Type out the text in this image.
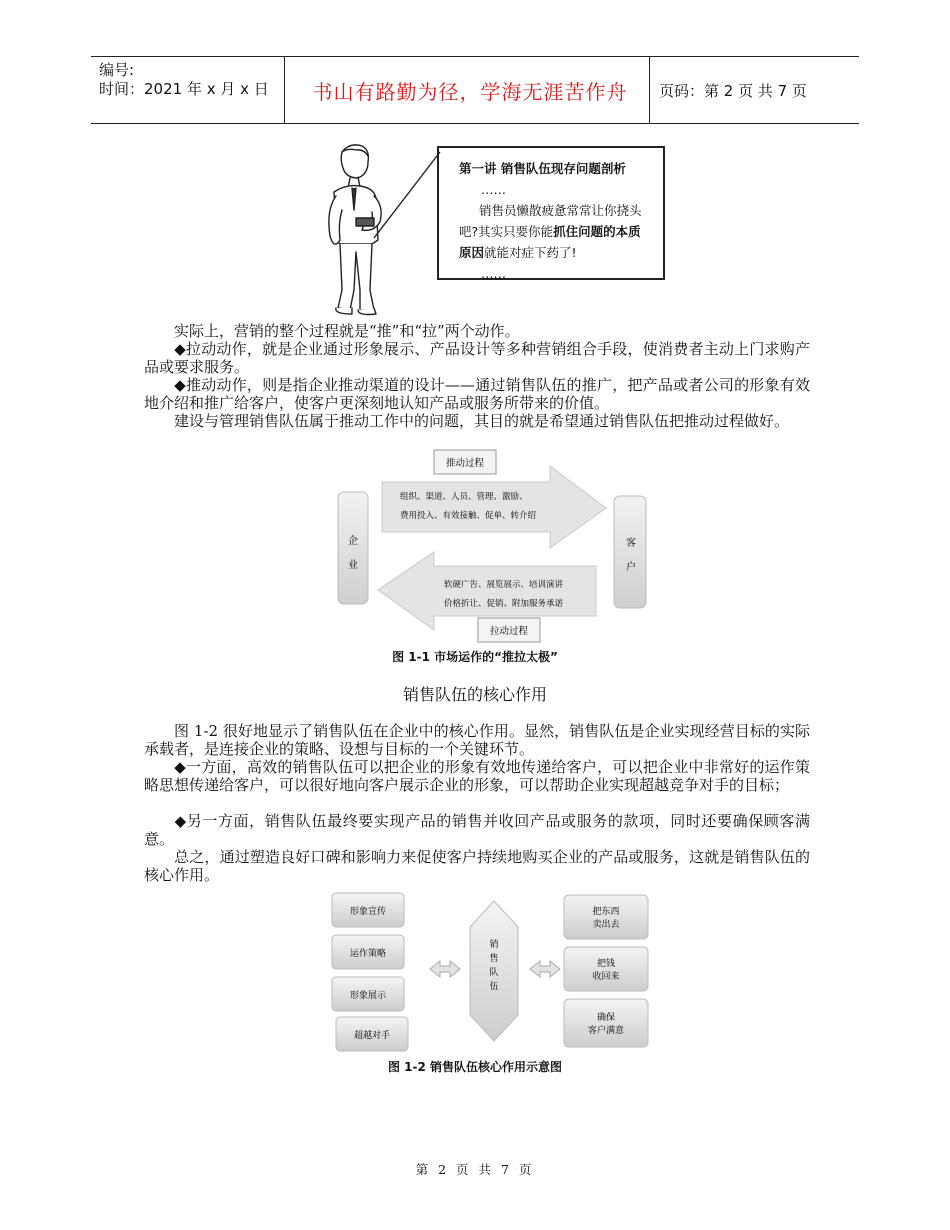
编号:
时间：2021 年 x 月 x 日	书山有路勤为径，学海无涯苦作舟	页码：第 2 页 共 7 页
第一讲 销售队伍现存问题剖析
……
销售员懒散疲惫常常让你挠头吧?其实只要你能抓住问题的本质原因就能对症下药了!
……
实际上，营销的整个过程就是“推”和“拉”两个动作。
◆拉动动作，就是企业通过形象展示、产品设计等多种营销组合手段，使消费者主动上门求购产品或要求服务。
◆推动动作，则是指企业推动渠道的设计——通过销售队伍的推广，把产品或者公司的形象有效地介绍和推广给客户，使客户更深刻地认知产品或服务所带来的价值。
建设与管理销售队伍属于推动工作中的问题，其目的就是希望通过销售队伍把推动过程做好。
企
业
客
户
推动过程
组织、渠道、人员、管理、激励、
费用投入、有效接触、促单、转介绍
软硬广告、展览展示、培训演讲
价格折让、促销、附加服务承诺
拉动过程
图 1-1 市场运作的“推拉太极”
销售队伍的核心作用
图 1-2 很好地显示了销售队伍在企业中的核心作用。显然，销售队伍是企业实现经营目标的实际承载者，是连接企业的策略、设想与目标的一个关键环节。
◆一方面，高效的销售队伍可以把企业的形象有效地传递给客户，可以把企业中非常好的运作策略思想传递给客户，可以很好地向客户展示企业的形象，可以帮助企业实现超越竞争对手的目标；
◆另一方面，销售队伍最终要实现产品的销售并收回产品或服务的款项，同时还要确保顾客满意。
总之，通过塑造良好口碑和影响力来促使客户持续地购买企业的产品或服务，这就是销售队伍的核心作用。
形象宣传
运作策略
形象展示
超越对手
销
售
队
伍
把东西
卖出去
把钱
收回来
确保
客户满意
图 1-2 销售队伍核心作用示意图
第 2 页 共 7 页
